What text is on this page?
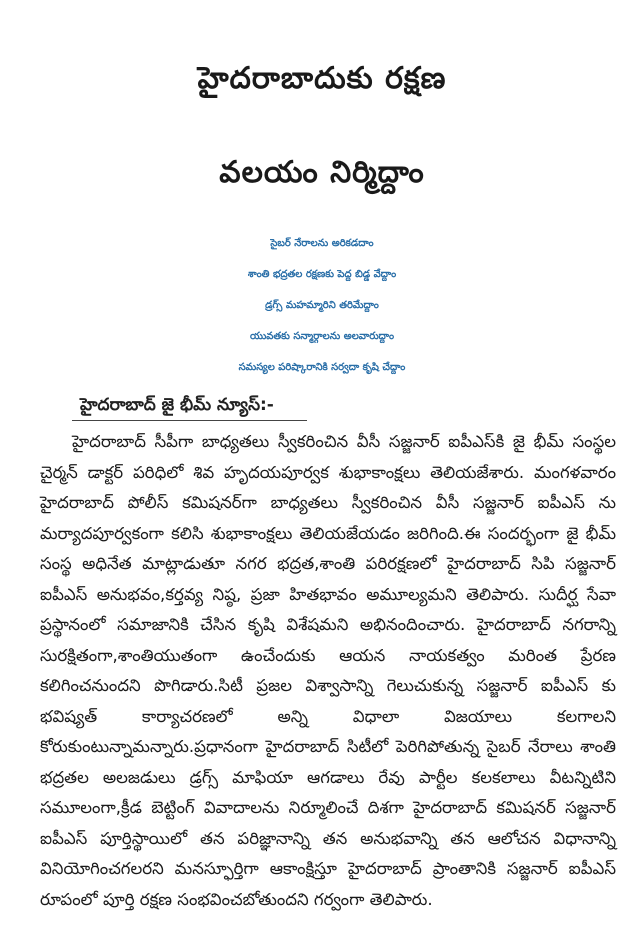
హైదరాబాదుకు రక్షణ
వలయం నిర్మిద్దాం
సైబర్ నేరాలను అరికడదాం
శాంతి భద్రతల రక్షణకు పెద్ద బిడ్డ వేద్దాం
డ్రగ్స్ మహమ్మారిని తరిమేద్దాం
యువతకు సన్మార్గాలను అలవారుద్దాం
సమస్యల పరిష్కారానికి సర్వదా కృషి చేద్దాం
హైదరాబాద్ జై భీమ్ న్యూస్:-

హైదరాబాద్ సీపీగా బాధ్యతలు స్వీకరించిన వీసీ సజ్జనార్ ఐపీఎస్‌కి జై భీమ్ సంస్థల చైర్మన్ డాక్టర్ పరిధిలో శివ హృదయపూర్వక శుభాకాంక్షలు తెలియజేశారు. మంగళవారం హైదరాబాద్ పోలీస్ కమిషనర్‌గా బాధ్యతలు స్వీకరించిన వీసీ సజ్జనార్ ఐపీఎస్ ను మర్యాదపూర్వకంగా కలిసి శుభాకాంక్షలు తెలియజేయడం జరిగింది.ఈ సందర్భంగా జై భీమ్ సంస్థ అధినేత మాట్లాడుతూ నగర భద్రత,శాంతి పరిరక్షణలో హైదరాబాద్ సిపి సజ్జనార్ ఐపీఎస్ అనుభవం,కర్తవ్య నిష్ఠ, ప్రజా హితభావం అమూల్యమని తెలిపారు. సుదీర్ఘ సేవా ప్రస్థానంలో సమాజానికి చేసిన కృషి విశేషమని అభినందించారు. హైదరాబాద్ నగరాన్ని సురక్షితంగా,శాంతియుతంగా ఉంచేందుకు ఆయన నాయకత్వం మరింత ప్రేరణ కలిగించనుందని పొగిడారు.సిటీ ప్రజల విశ్వాసాన్ని గెలుచుకున్న సజ్జనార్ ఐపీఎస్ కు భవిష్యత్ కార్యాచరణలో అన్ని విధాలా విజయాలు కలగాలని కోరుకుంటున్నామన్నారు.ప్రధానంగా హైదరాబాద్ సిటీలో పెరిగిపోతున్న సైబర్ నేరాలు శాంతి భద్రతల అలజడులు డ్రగ్స్ మాఫియా ఆగడాలు రేవు పార్టీల కలకలాలు వీటన్నిటిని సమూలంగా,క్రీడ బెట్టింగ్ వివాదాలను నిర్మూలించే దిశగా హైదరాబాద్ కమిషనర్ సజ్జనార్ ఐపీఎస్ పూర్తిస్థాయిలో తన పరిజ్ఞానాన్ని తన అనుభవాన్ని తన ఆలోచన విధానాన్ని వినియోగించగలరని మనస్ఫూర్తిగా ఆకాంక్షిస్తూ హైదరాబాద్ ప్రాంతానికి సజ్జనార్ ఐపీఎస్ రూపంలో పూర్తి రక్షణ సంభవించబోతుందని గర్వంగా తెలిపారు.
